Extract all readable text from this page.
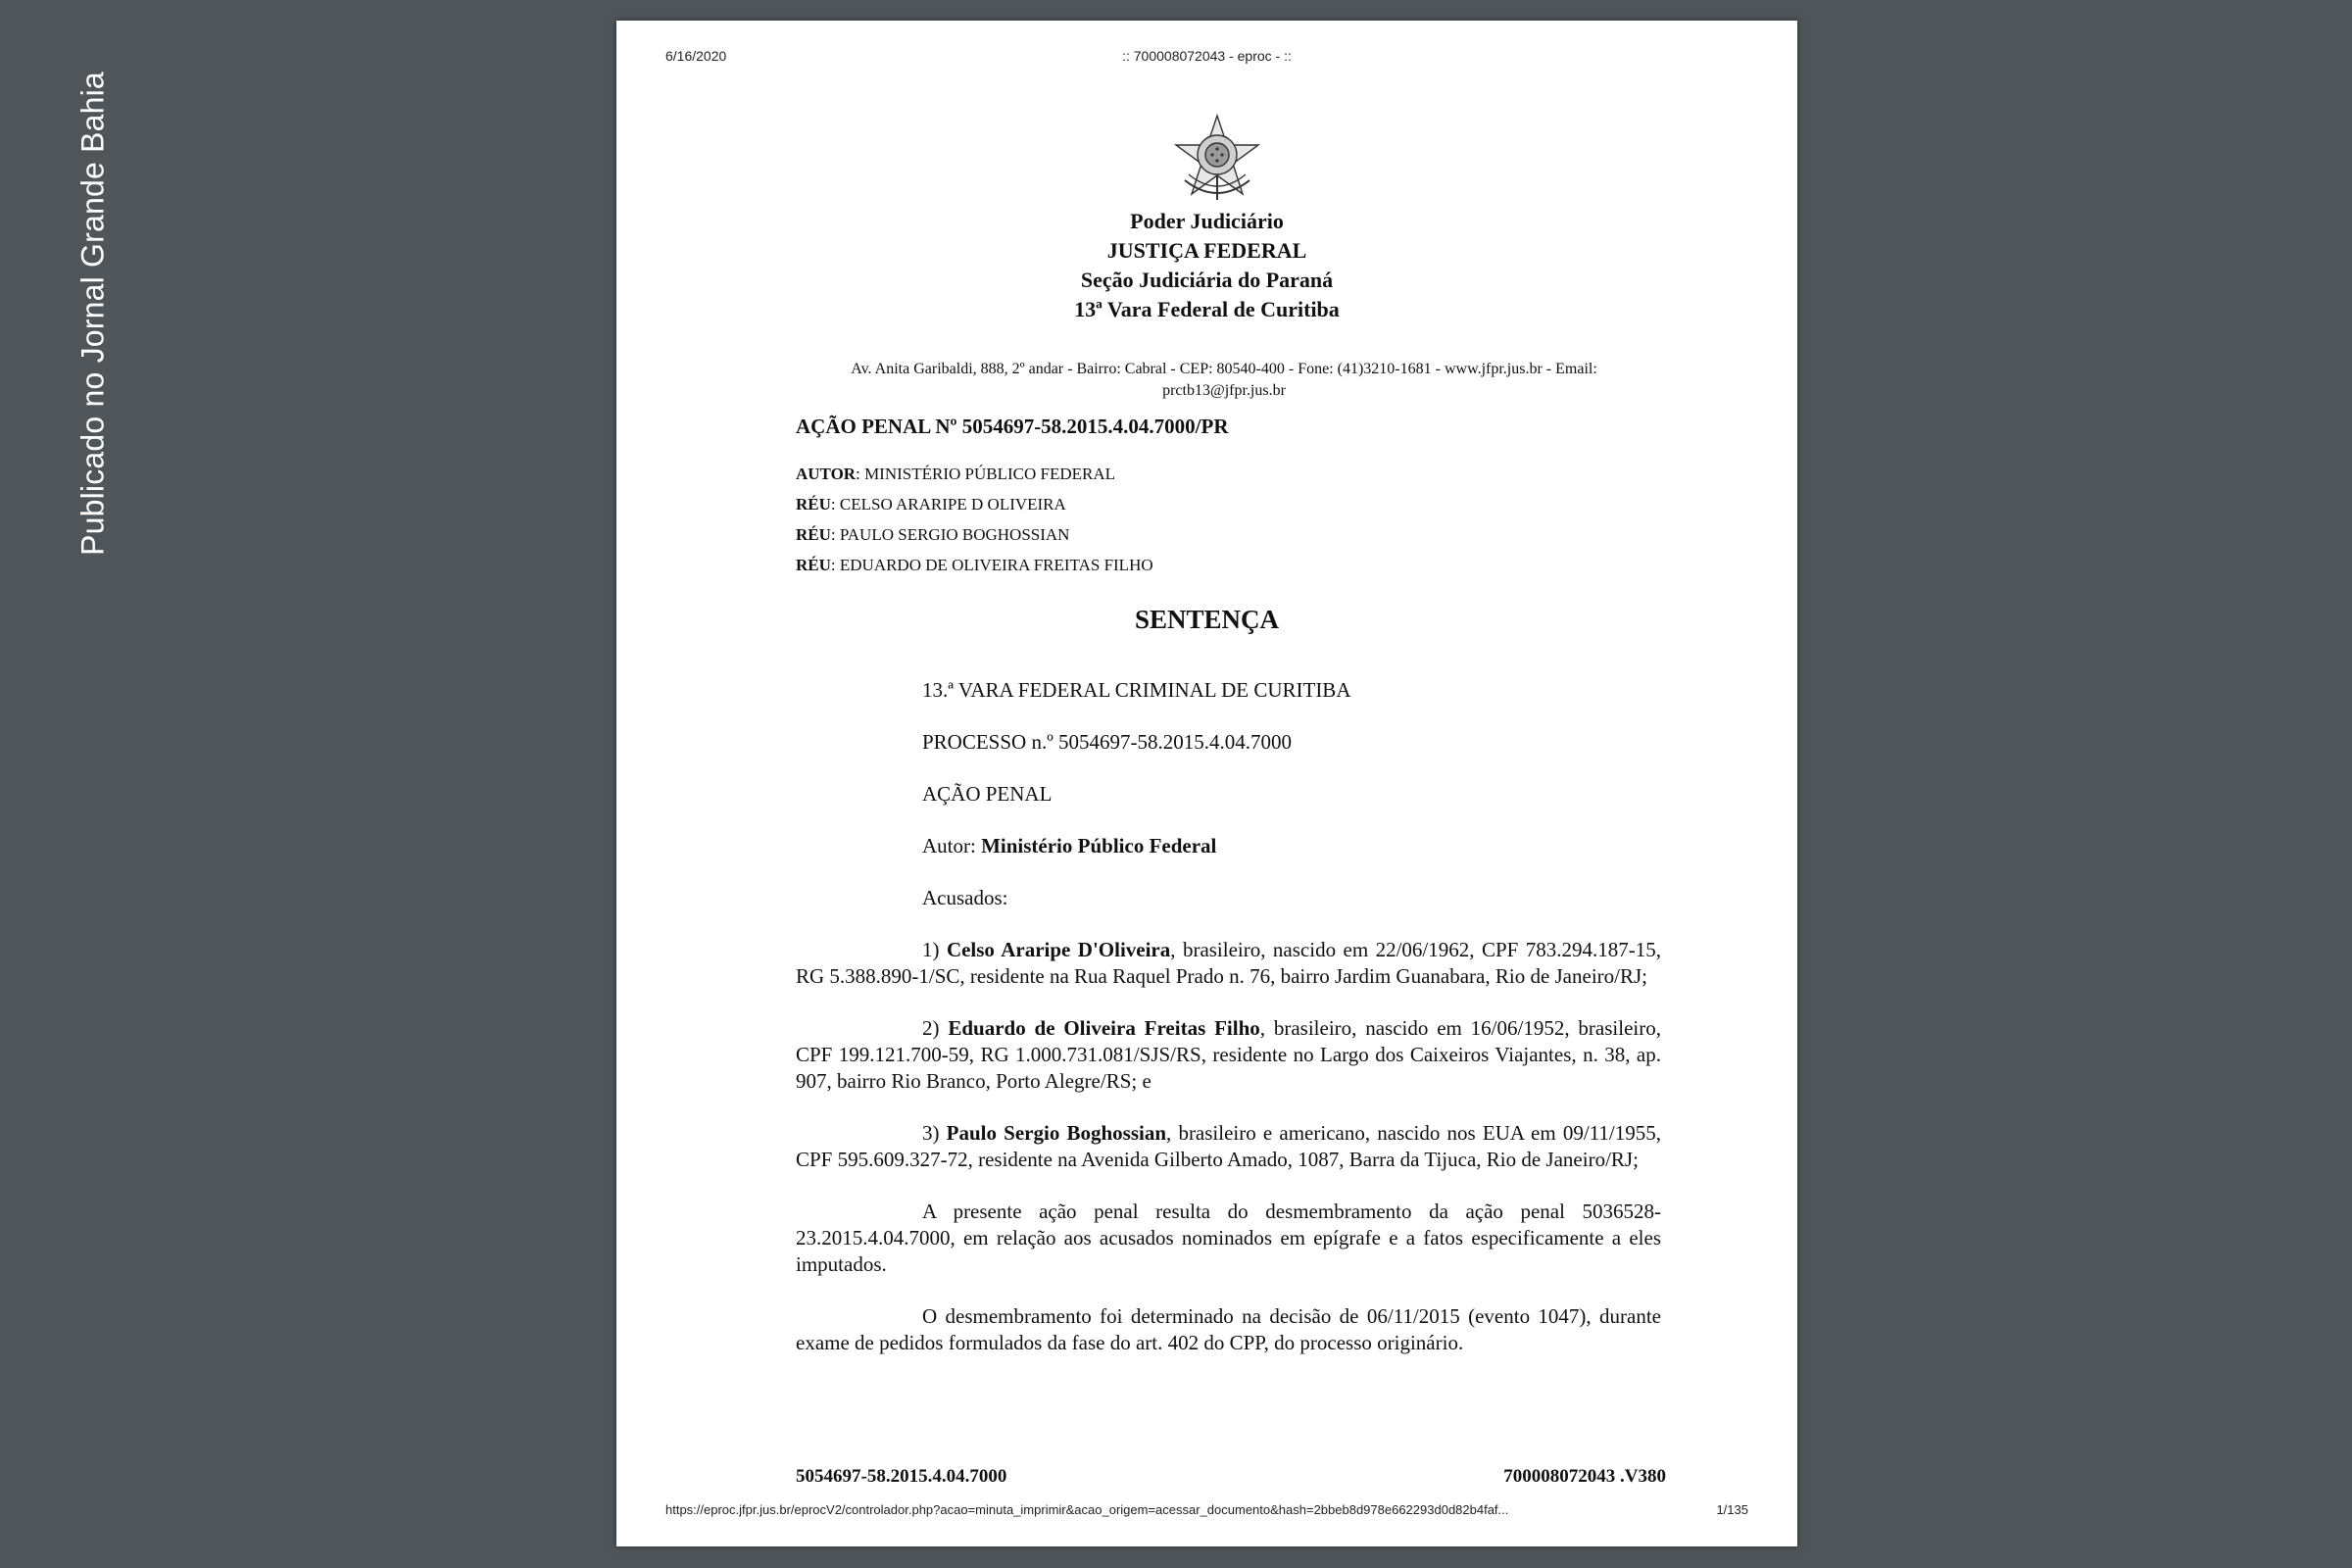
Publicado no Jornal Grande Bahia
6/16/2020	:: 700008072043 - eproc - ::
Poder Judiciário
JUSTIÇA FEDERAL
Seção Judiciária do Paraná
13ª Vara Federal de Curitiba
Av. Anita Garibaldi, 888, 2º andar - Bairro: Cabral - CEP: 80540-400 - Fone: (41)3210-1681 - www.jfpr.jus.br - Email:
prctb13@jfpr.jus.br
AÇÃO PENAL Nº 5054697-58.2015.4.04.7000/PR
AUTOR: MINISTÉRIO PÚBLICO FEDERAL
RÉU: CELSO ARARIPE D OLIVEIRA
RÉU: PAULO SERGIO BOGHOSSIAN
RÉU: EDUARDO DE OLIVEIRA FREITAS FILHO
SENTENÇA
13.ª VARA FEDERAL CRIMINAL DE CURITIBA
PROCESSO n.º 5054697-58.2015.4.04.7000
AÇÃO PENAL
Autor: Ministério Público Federal
Acusados:
1) Celso Araripe D'Oliveira, brasileiro, nascido em 22/06/1962, CPF 783.294.187-15, RG 5.388.890-1/SC, residente na Rua Raquel Prado n. 76, bairro Jardim Guanabara, Rio de Janeiro/RJ;
2) Eduardo de Oliveira Freitas Filho, brasileiro, nascido em 16/06/1952, brasileiro, CPF 199.121.700-59, RG 1.000.731.081/SJS/RS, residente no Largo dos Caixeiros Viajantes, n. 38, ap. 907, bairro Rio Branco, Porto Alegre/RS; e
3) Paulo Sergio Boghossian, brasileiro e americano, nascido nos EUA em 09/11/1955, CPF 595.609.327-72, residente na Avenida Gilberto Amado, 1087, Barra da Tijuca, Rio de Janeiro/RJ;
A presente ação penal resulta do desmembramento da ação penal 5036528-23.2015.4.04.7000, em relação aos acusados nominados em epígrafe e a fatos especificamente a eles imputados.
O desmembramento foi determinado na decisão de 06/11/2015 (evento 1047), durante exame de pedidos formulados da fase do art. 402 do CPP, do processo originário.
5054697-58.2015.4.04.7000	700008072043 .V380
https://eproc.jfpr.jus.br/eprocV2/controlador.php?acao=minuta_imprimir&acao_origem=acessar_documento&hash=2bbeb8d978e662293d0d82b4faf...	1/135
